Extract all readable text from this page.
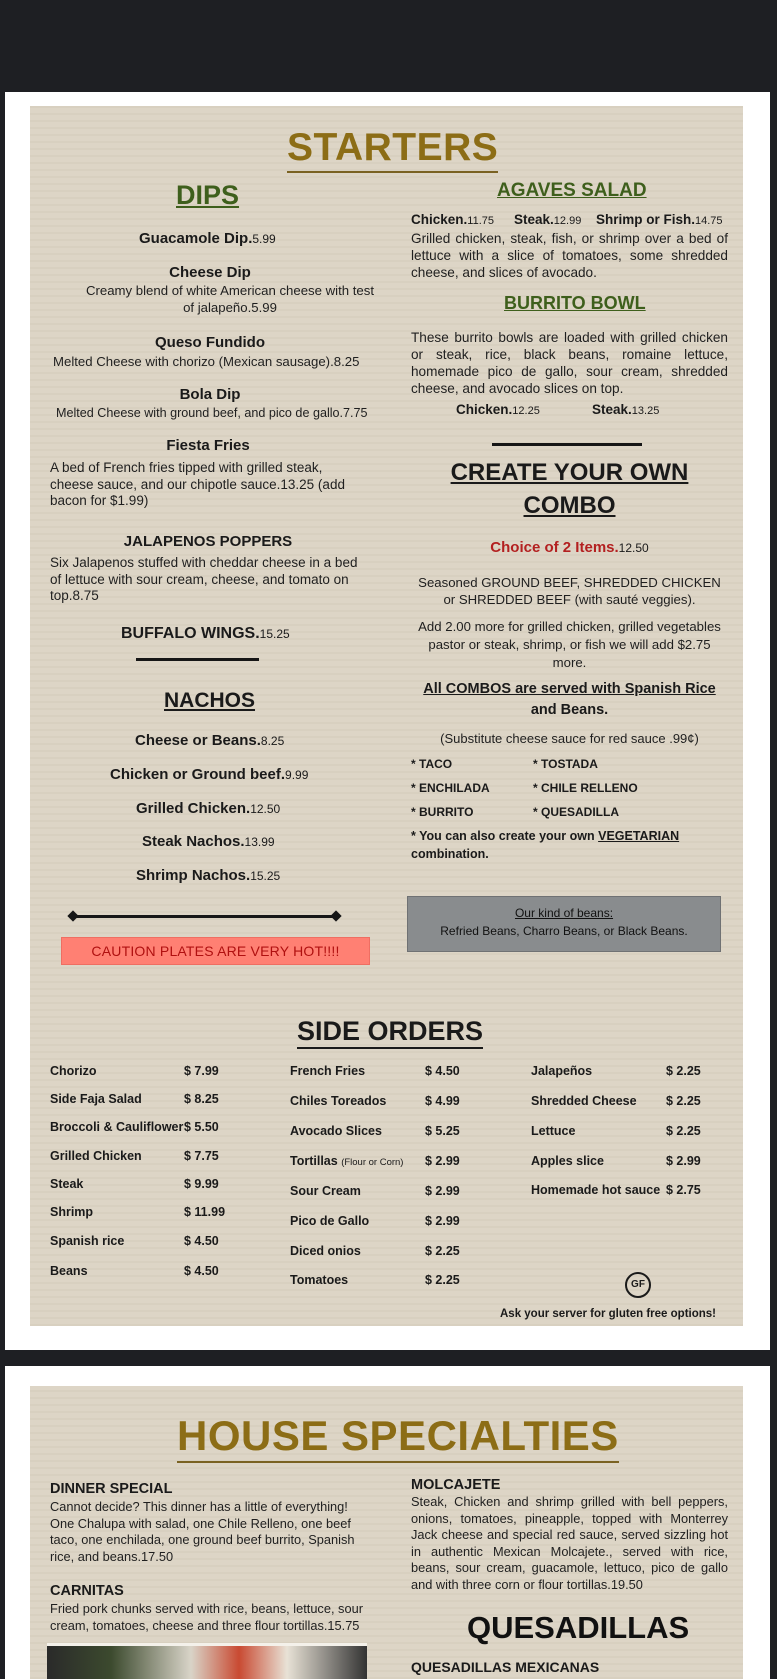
STARTERS
DIPS
Guacamole Dip.5.99
Cheese Dip
Creamy blend of white American cheese with test of jalapeño.5.99
Queso Fundido
Melted Cheese with chorizo (Mexican sausage).8.25
Bola Dip
Melted Cheese with ground beef, and pico de gallo.7.75
Fiesta Fries
A bed of French fries tipped with grilled steak, cheese sauce, and our chipotle sauce.13.25 (add bacon for $1.99)
JALAPENOS POPPERS
Six Jalapenos stuffed with cheddar cheese in a bed of lettuce with sour cream, cheese, and tomato on top.8.75
BUFFALO WINGS.15.25
NACHOS
Cheese or Beans.8.25
Chicken or Ground beef.9.99
Grilled Chicken.12.50
Steak Nachos.13.99
Shrimp Nachos.15.25
CAUTION PLATES ARE VERY HOT!!!!
AGAVES SALAD
Chicken.11.75 Steak.12.99 Shrimp or Fish.14.75
Grilled chicken, steak, fish, or shrimp over a bed of lettuce with a slice of tomatoes, some shredded cheese, and slices of avocado.
BURRITO BOWL
These burrito bowls are loaded with grilled chicken or steak, rice, black beans, romaine lettuce, homemade pico de gallo, sour cream, shredded cheese, and avocado slices on top.
Chicken.12.25	Steak.13.25
CREATE YOUR OWN
COMBO
Choice of 2 Items.12.50
Seasoned GROUND BEEF, SHREDDED CHICKEN or SHREDDED BEEF (with sauté veggies).
Add 2.00 more for grilled chicken, grilled vegetables pastor or steak, shrimp, or fish we will add $2.75 more.
All COMBOS are served with Spanish Rice
and Beans.
(Substitute cheese sauce for red sauce .99¢)
* TACO	* TOSTADA
* ENCHILADA	* CHILE RELLENO
* BURRITO	* QUESADILLA
* You can also create your own VEGETARIAN
combination.
Our kind of beans:
Refried Beans, Charro Beans, or Black Beans.
SIDE ORDERS
Chorizo	$ 7.99
Side Faja Salad	$ 8.25
Broccoli & Cauliflower $ 5.50
Grilled Chicken	$ 7.75
Steak	$ 9.99
Shrimp	$ 11.99
Spanish rice	$ 4.50
Beans	$ 4.50
French Fries	$ 4.50
Chiles Toreados	$ 4.99
Avocado Slices	$ 5.25
Tortillas (Flour or Corn) $ 2.99
Sour Cream	$ 2.99
Pico de Gallo	$ 2.99
Diced onios	$ 2.25
Tomatoes	$ 2.25
Jalapeños	$ 2.25
Shredded Cheese $ 2.25
Lettuce	$ 2.25
Apples slice	$ 2.99
Homemade hot sauce $ 2.75
GF
Ask your server for gluten free options!
HOUSE SPECIALTIES
DINNER SPECIAL
Cannot decide? This dinner has a little of everything! One Chalupa with salad, one Chile Relleno, one beef taco, one enchilada, one ground beef burrito, Spanish rice, and beans.17.50
CARNITAS
Fried pork chunks served with rice, beans, lettuce, sour cream, tomatoes, cheese and three flour tortillas.15.75
MOLCAJETE
Steak, Chicken and shrimp grilled with bell peppers, onions, tomatoes, pineapple, topped with Monterrey Jack cheese and special red sauce, served sizzling hot in authentic Mexican Molcajete., served with rice, beans, sour cream, guacamole, lettuco, pico de gallo and with three corn or flour tortillas.19.50
QUESADILLAS
QUESADILLAS MEXICANAS
